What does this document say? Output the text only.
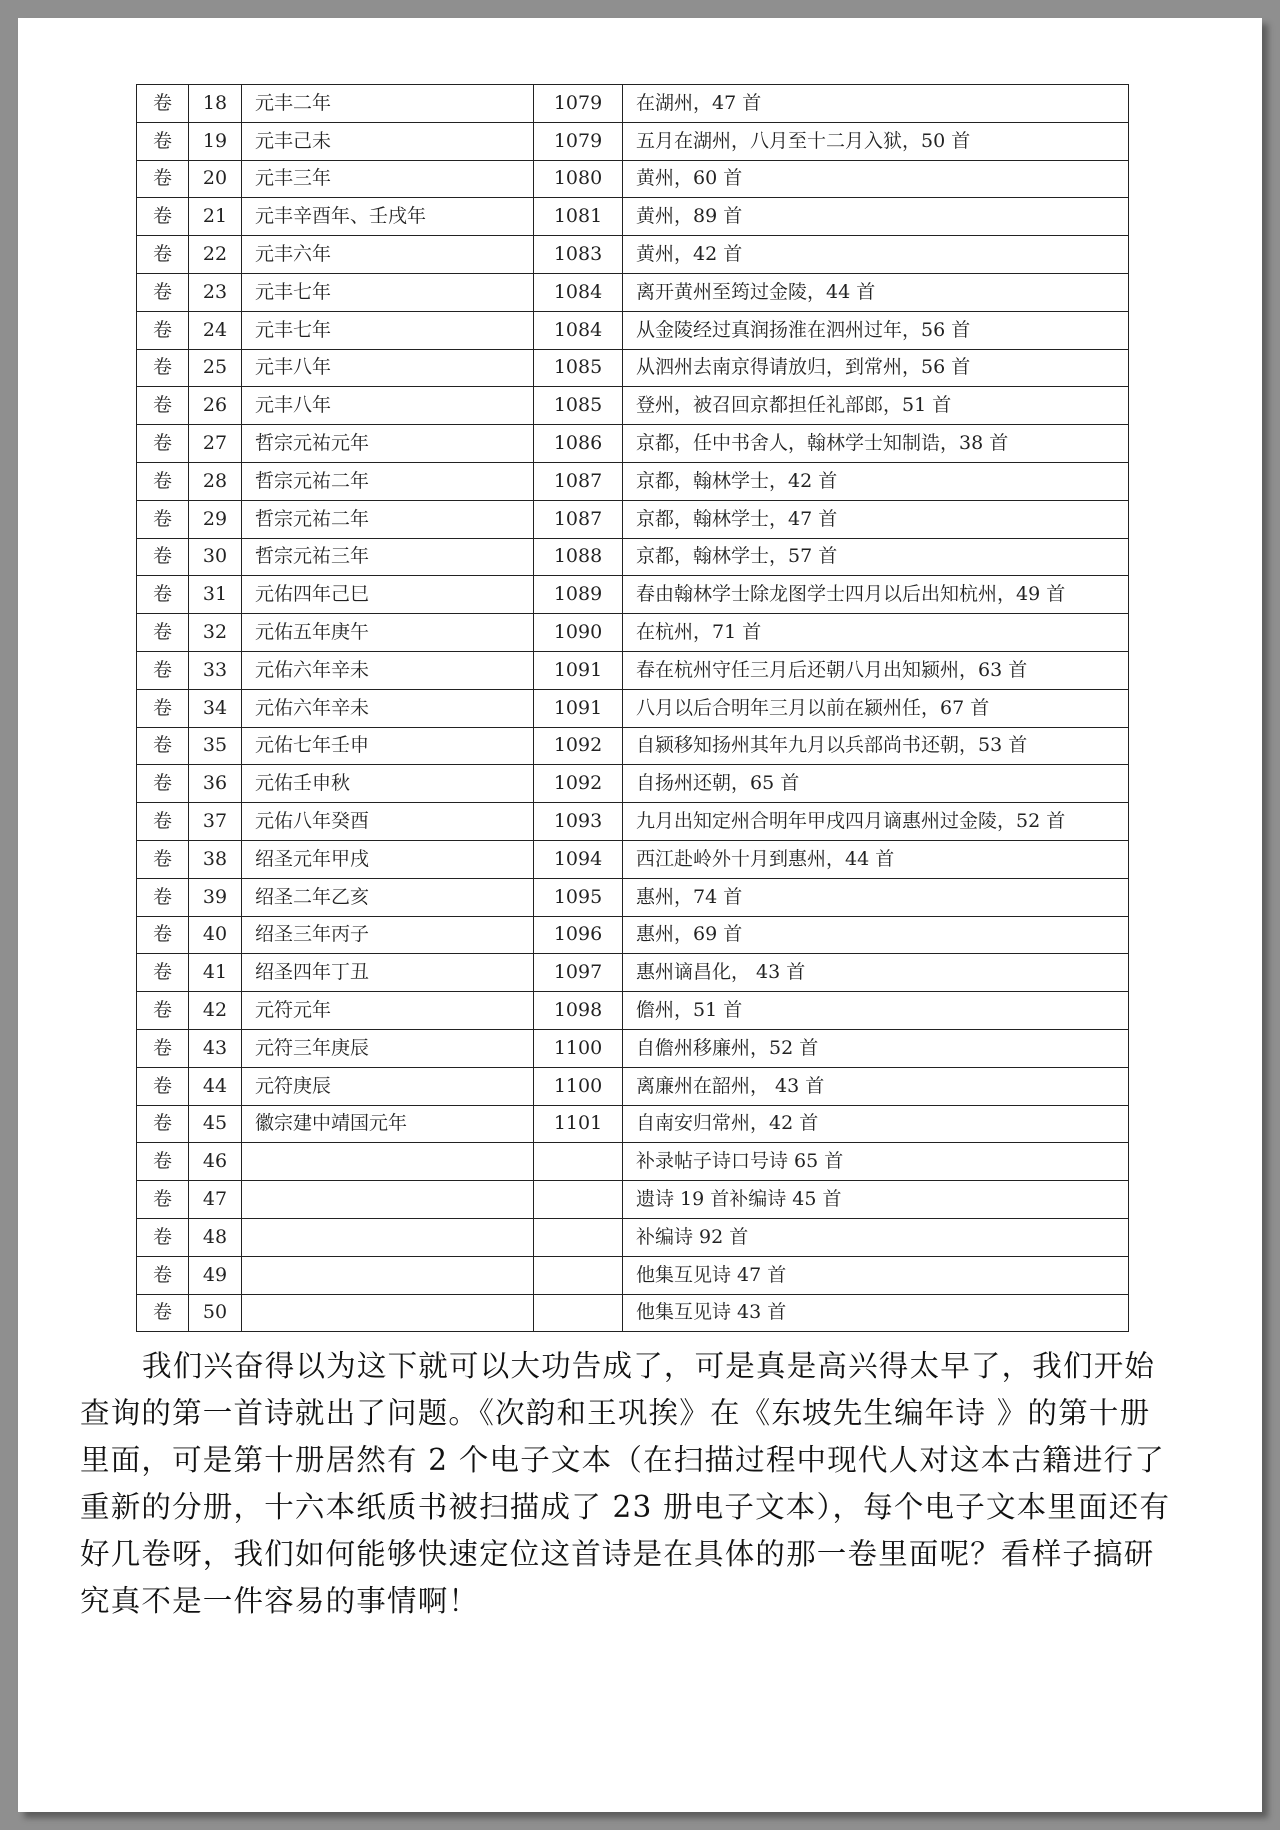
卷	18	元丰二年	1079	在湖州，47 首
卷	19	元丰己未	1079	五月在湖州，八月至十二月入狱，50 首
卷	20	元丰三年	1080	黄州，60 首
卷	21	元丰辛酉年、壬戌年	1081	黄州，89 首
卷	22	元丰六年	1083	黄州，42 首
卷	23	元丰七年	1084	离开黄州至筠过金陵，44 首
卷	24	元丰七年	1084	从金陵经过真润扬淮在泗州过年，56 首
卷	25	元丰八年	1085	从泗州去南京得请放归，到常州，56 首
卷	26	元丰八年	1085	登州，被召回京都担任礼部郎，51 首
卷	27	哲宗元祐元年	1086	京都，任中书舍人，翰林学士知制诰，38 首
卷	28	哲宗元祐二年	1087	京都，翰林学士，42 首
卷	29	哲宗元祐二年	1087	京都，翰林学士，47 首
卷	30	哲宗元祐三年	1088	京都，翰林学士，57 首
卷	31	元佑四年己巳	1089	春由翰林学士除龙图学士四月以后出知杭州，49 首
卷	32	元佑五年庚午	1090	在杭州，71 首
卷	33	元佑六年辛未	1091	春在杭州守任三月后还朝八月出知颍州，63 首
卷	34	元佑六年辛未	1091	八月以后合明年三月以前在颍州任，67 首
卷	35	元佑七年壬申	1092	自颍移知扬州其年九月以兵部尚书还朝，53 首
卷	36	元佑壬申秋	1092	自扬州还朝，65 首
卷	37	元佑八年癸酉	1093	九月出知定州合明年甲戌四月谪惠州过金陵，52 首
卷	38	绍圣元年甲戌	1094	西江赴岭外十月到惠州，44 首
卷	39	绍圣二年乙亥	1095	惠州，74 首
卷	40	绍圣三年丙子	1096	惠州，69 首
卷	41	绍圣四年丁丑	1097	惠州谪昌化， 43 首
卷	42	元符元年	1098	儋州，51 首
卷	43	元符三年庚辰	1100	自儋州移廉州，52 首
卷	44	元符庚辰	1100	离廉州在韶州， 43 首
卷	45	徽宗建中靖国元年	1101	自南安归常州，42 首
卷	46			补录帖子诗口号诗 65 首
卷	47			遗诗 19 首补编诗 45 首
卷	48			补编诗 92 首
卷	49			他集互见诗 47 首
卷	50			他集互见诗 43 首
我们兴奋得以为这下就可以大功告成了，可是真是高兴得太早了，我们开始
查询的第一首诗就出了问题。《次韵和王巩挨》在《东坡先生编年诗 》的第十册
里面，可是第十册居然有 2 个电子文本（在扫描过程中现代人对这本古籍进行了
重新的分册，十六本纸质书被扫描成了 23 册电子文本），每个电子文本里面还有
好几卷呀，我们如何能够快速定位这首诗是在具体的那一卷里面呢？看样子搞研
究真不是一件容易的事情啊！
